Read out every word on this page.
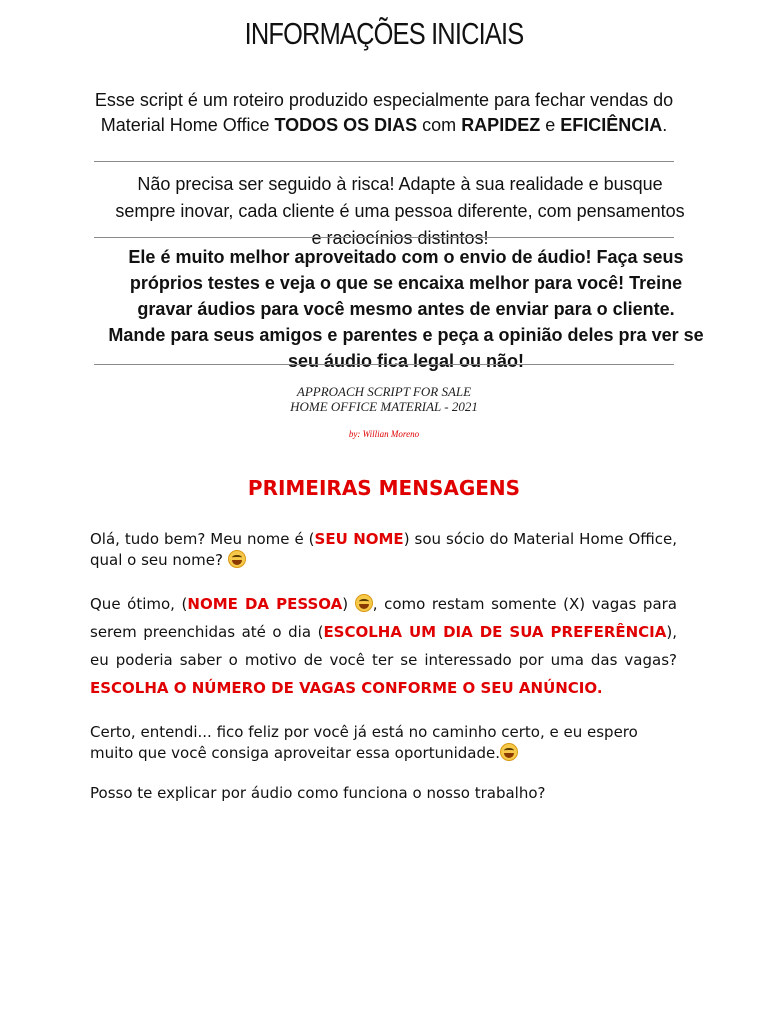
INFORMAÇÕES INICIAIS
Esse script é um roteiro produzido especialmente para fechar vendas do Material Home Office TODOS OS DIAS com RAPIDEZ e EFICIÊNCIA.
Não precisa ser seguido à risca! Adapte à sua realidade e busque sempre inovar, cada cliente é uma pessoa diferente, com pensamentos e raciocínios distintos!
Ele é muito melhor aproveitado com o envio de áudio! Faça seus próprios testes e veja o que se encaixa melhor para você! Treine gravar áudios para você mesmo antes de enviar para o cliente. Mande para seus amigos e parentes e peça a opinião deles pra ver se seu áudio fica legal ou não!
APPROACH SCRIPT FOR SALE
HOME OFFICE MATERIAL - 2021
by: Willian Moreno
PRIMEIRAS MENSAGENS
Olá, tudo bem? Meu nome é (SEU NOME) sou sócio do Material Home Office, qual o seu nome?
Que ótimo, (NOME DA PESSOA) , como restam somente (X) vagas para serem preenchidas até o dia (ESCOLHA UM DIA DE SUA PREFERÊNCIA), eu poderia saber o motivo de você ter se interessado por uma das vagas? ESCOLHA O NÚMERO DE VAGAS CONFORME O SEU ANÚNCIO.
Certo, entendi... fico feliz por você já está no caminho certo, e eu espero muito que você consiga aproveitar essa oportunidade.
Posso te explicar por áudio como funciona o nosso trabalho?
